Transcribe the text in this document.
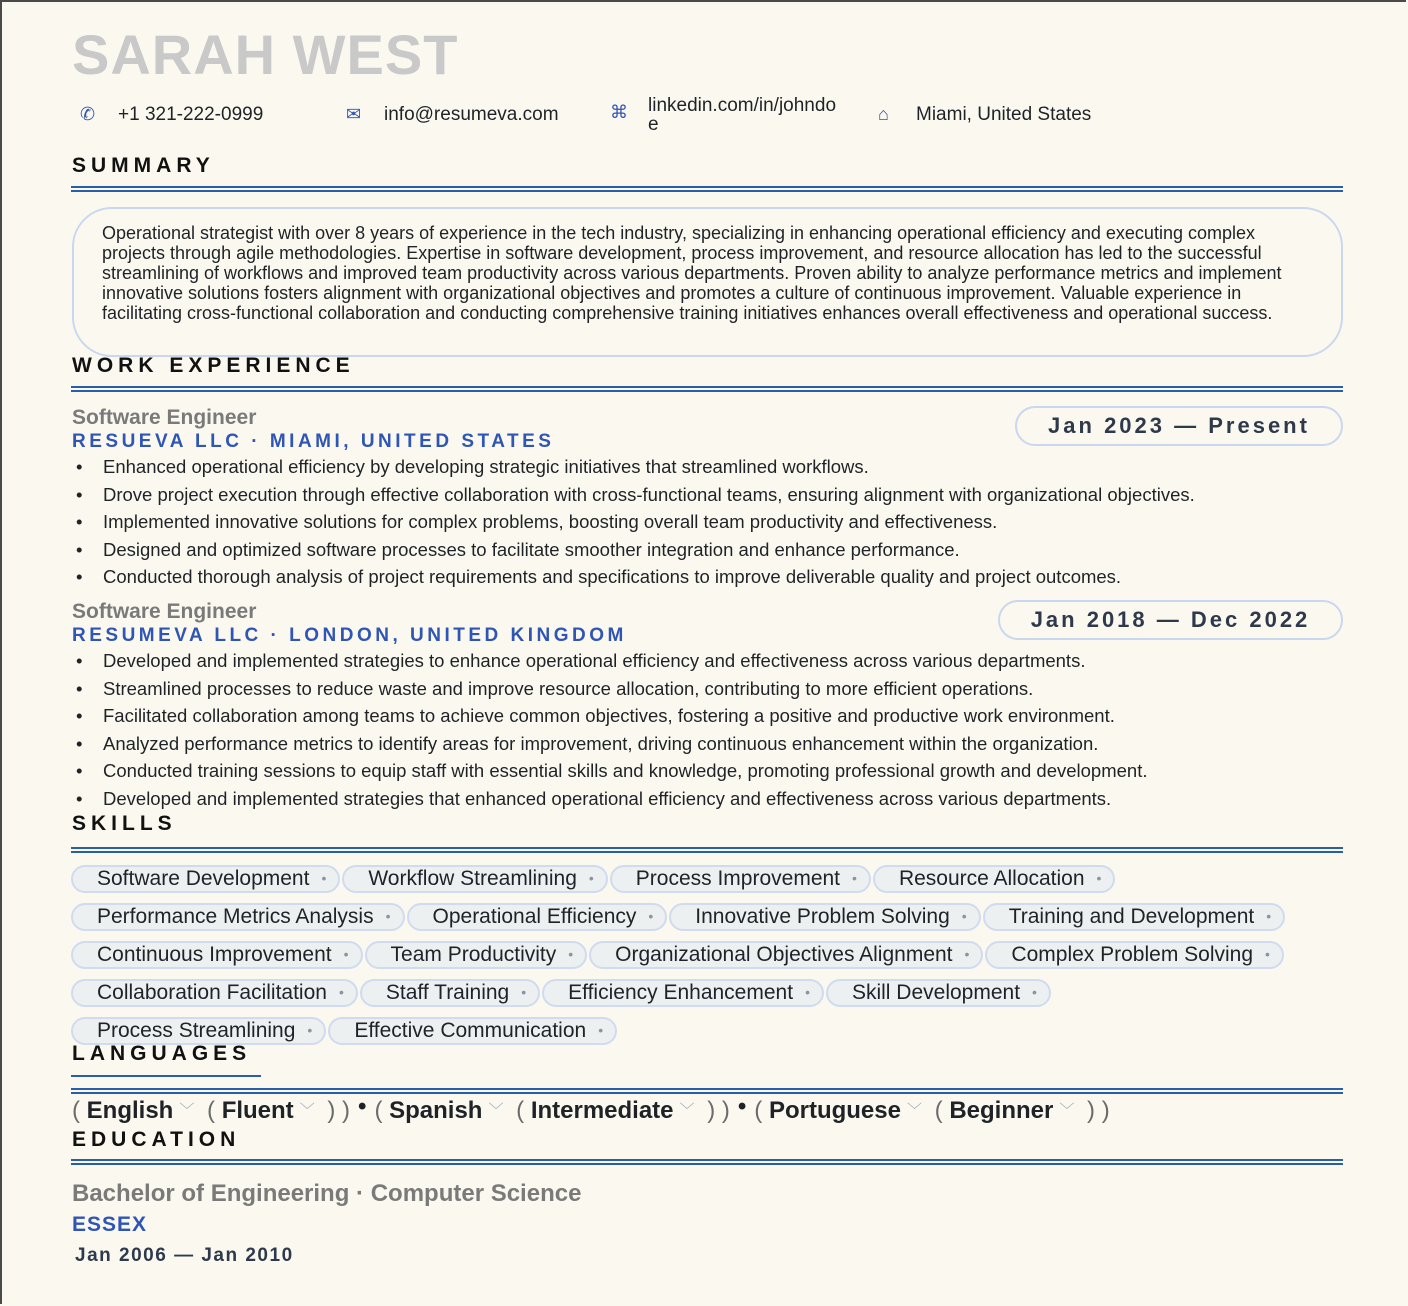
SARAH WEST
✆	+1 321-222-0999	✉	info@resumeva.com	⌘	linkedin.com/in/johndoe	⌂	Miami, United States
SUMMARY
Operational strategist with over 8 years of experience in the tech industry, specializing in enhancing operational efficiency and executing complex projects through agile methodologies. Expertise in software development, process improvement, and resource allocation has led to the successful streamlining of workflows and improved team productivity across various departments. Proven ability to analyze performance metrics and implement innovative solutions fosters alignment with organizational objectives and promotes a culture of continuous improvement. Valuable experience in facilitating cross-functional collaboration and conducting comprehensive training initiatives enhances overall effectiveness and operational success.
WORK EXPERIENCE
Software Engineer
RESUEVA LLC · MIAMI, UNITED STATES
Jan 2023 — Present
• Enhanced operational efficiency by developing strategic initiatives that streamlined workflows.
• Drove project execution through effective collaboration with cross-functional teams, ensuring alignment with organizational objectives.
• Implemented innovative solutions for complex problems, boosting overall team productivity and effectiveness.
• Designed and optimized software processes to facilitate smoother integration and enhance performance.
• Conducted thorough analysis of project requirements and specifications to improve deliverable quality and project outcomes.
Software Engineer
RESUMEVA LLC · LONDON, UNITED KINGDOM
Jan 2018 — Dec 2022
• Developed and implemented strategies to enhance operational efficiency and effectiveness across various departments.
• Streamlined processes to reduce waste and improve resource allocation, contributing to more efficient operations.
• Facilitated collaboration among teams to achieve common objectives, fostering a positive and productive work environment.
• Analyzed performance metrics to identify areas for improvement, driving continuous enhancement within the organization.
• Conducted training sessions to equip staff with essential skills and knowledge, promoting professional growth and development.
• Developed and implemented strategies that enhanced operational efficiency and effectiveness across various departments.
SKILLS
Software Development •	Workflow Streamlining •	Process Improvement •	Resource Allocation •
Performance Metrics Analysis •	Operational Efficiency •	Innovative Problem Solving •	Training and Development •
Continuous Improvement •	Team Productivity •	Organizational Objectives Alignment •	Complex Problem Solving •
Collaboration Facilitation •	Staff Training •	Efficiency Enhancement •	Skill Development •
Process Streamlining •	Effective Communication •
LANGUAGES
( English ﹀ ( Fluent ﹀ ) ) • ( Spanish ﹀ ( Intermediate ﹀ ) ) • ( Portuguese ﹀ ( Beginner ﹀ ) )
EDUCATION
Bachelor of Engineering · Computer Science
ESSEX
Jan 2006 — Jan 2010
